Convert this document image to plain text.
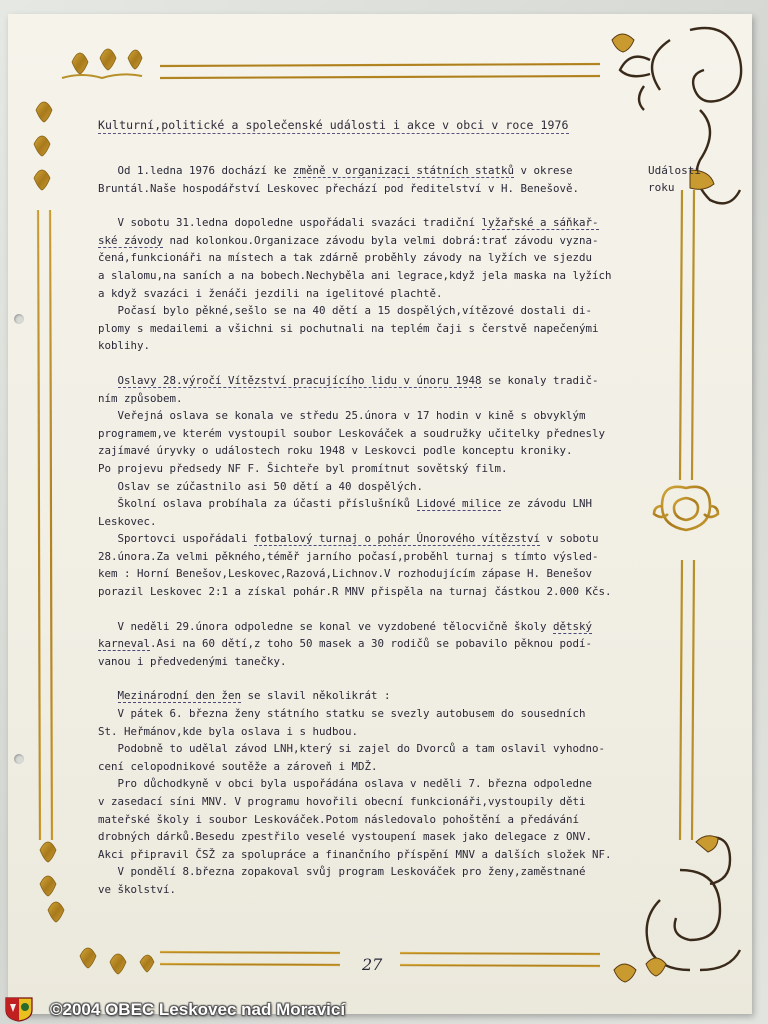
Kulturní,politické a společenské události i akce v obci v roce 1976
Události
roku

Od 1.ledna 1976 dochází ke změně v organizaci státních statků v okrese

Bruntál.Naše hospodářství Leskovec přechází pod ředitelství v H. Benešově.

V sobotu 31.ledna dopoledne uspořádali svazáci tradiční lyžařské a sáňkař-

ské závody nad kolonkou.Organizace závodu byla velmi dobrá:trať závodu vyzna-

čená,funkcionáři na místech a tak zdárně proběhly závody na lyžích ve sjezdu

a slalomu,na saních a na bobech.Nechyběla ani legrace,když jela maska na lyžích

a když svazáci i ženáči jezdili na igelitové plachtě.

Počasí bylo pěkné,sešlo se na 40 dětí a 15 dospělých,vítězové dostali di-

plomy s medailemi a všichni si pochutnali na teplém čaji s čerstvě napečenými

koblihy.

Oslavy 28.výročí Vítězství pracujícího lidu v únoru 1948 se konaly tradič-

ním způsobem.

Veřejná oslava se konala ve středu 25.února v 17 hodin v kině s obvyklým

programem,ve kterém vystoupil soubor Leskováček a soudružky učitelky přednesly

zajímavé úryvky o událostech roku 1948 v Leskovci podle konceptu kroniky.

Po projevu předsedy NF F. Šichteře byl promítnut sovětský film.

Oslav se zúčastnilo asi 50 dětí a 40 dospělých.

Školní oslava probíhala za účasti příslušníků Lidové milice ze závodu LNH

Leskovec.

Sportovci uspořádali fotbalový turnaj o pohár Únorového vítězství v sobotu

28.února.Za velmi pěkného,téměř jarního počasí,proběhl turnaj s tímto výsled-

kem : Horní Benešov,Leskovec,Razová,Lichnov.V rozhodujícím zápase H. Benešov

porazil Leskovec 2:1 a získal pohár.R MNV přispěla na turnaj částkou 2.000 Kčs.

V neděli 29.února odpoledne se konal ve vyzdobené tělocvičně školy dětský

karneval.Asi na 60 dětí,z toho 50 masek a 30 rodičů se pobavilo pěknou podí-

vanou i předvedenými tanečky.

Mezinárodní den žen se slavil několikrát :

V pátek 6. března ženy státního statku se svezly autobusem do sousedních

St. Heřmánov,kde byla oslava i s hudbou.

Podobně to udělal závod LNH,který si zajel do Dvorců a tam oslavil vyhodno-

cení celopodnikové soutěže a zároveň i MDŽ.

Pro důchodkyně v obci byla uspořádána oslava v neděli 7. března odpoledne

v zasedací síni MNV. V programu hovořili obecní funkcionáři,vystoupily děti

mateřské školy i soubor Leskováček.Potom následovalo pohoštění a předávání

drobných dárků.Besedu zpestřilo veselé vystoupení masek jako delegace z ONV.

Akci připravil ČSŽ za spolupráce a finančního příspění MNV a dalších složek NF.

V pondělí 8.března zopakoval svůj program Leskováček pro ženy,zaměstnané

ve školství.

27
©2004 OBEC Leskovec nad Moravicí
